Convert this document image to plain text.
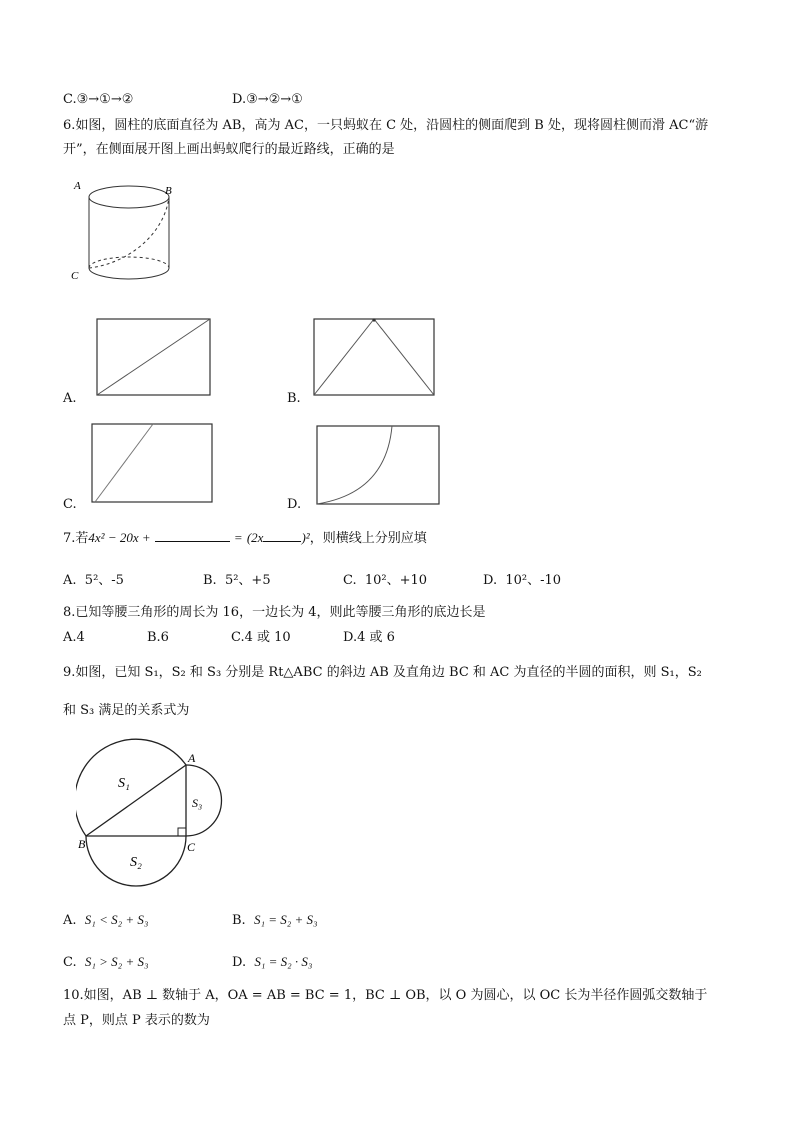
C.③→①→②	D.③→②→①
6.如图，圆柱的底面直径为 AB，高为 AC，一只蚂蚁在 C 处，沿圆柱的侧面爬到 B 处，现将圆柱侧而滑 AC“游
开”，在侧面展开图上画出蚂蚁爬行的最近路线，正确的是
A	B
C
A.	B.
C.	D.
7.若4x² − 20x +	= (2x	)²，则横线上分别应填
A. 5²、-5	B. 5²、+5	C. 10²、+10	D. 10²、-10
8.已知等腰三角形的周长为 16，一边长为 4，则此等腰三角形的底边长是
A.4	B.6	C.4 或 10	D.4 或 6
9.如图，已知 S₁，S₂ 和 S₃ 分别是 Rt△ABC 的斜边 AB 及直角边 BC 和 AC 为直径的半圆的面积，则 S₁，S₂
和 S₃ 满足的关系式为
A
B	C
S₁
S₂
S₃
A. S₁ < S₂ + S₃	B. S₁ = S₂ + S₃
C. S₁ > S₂ + S₃	D. S₁ = S₂ · S₃
10.如图，AB ⊥ 数轴于 A，OA = AB = BC = 1，BC ⊥ OB，以 O 为圆心，以 OC 长为半径作圆弧交数轴于
点 P，则点 P 表示的数为
